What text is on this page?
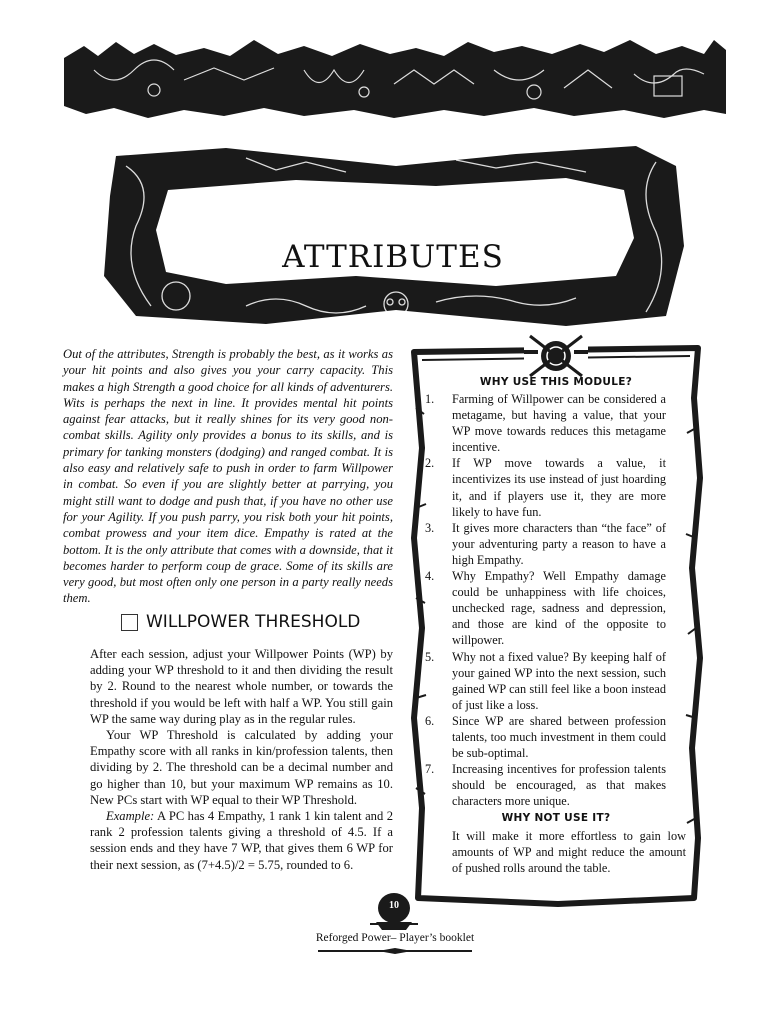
ATTRIBUTES

Out of the attributes, Strength is probably the best, as it works as your hit points and also gives you your carry capacity. This makes a high Strength a good choice for all kinds of adventurers. Wits is perhaps the next in line. It provides mental hit points against fear attacks, but it really shines for its very good non-combat skills. Agility only provides a bonus to its skills, and is primary for tanking monsters (dodging) and ranged combat. It is also easy and relatively safe to push in order to farm Willpower in combat. So even if you are slightly better at parrying, you might still want to dodge and push that, if you have no other use for your Agility. If you push parry, you risk both your hit points, combat prowess and your item dice. Empathy is rated at the bottom. It is the only attribute that comes with a downside, that it becomes harder to perform coup de grace. Some of its skills are very good, but most often only one person in a party really needs them.

WILLPOWER THRESHOLD

After each session, adjust your Willpower Points (WP) by adding your WP threshold to it and then dividing the result by 2. Round to the nearest whole number, or towards the threshold if you would be left with half a WP. You still gain WP the same way during play as in the regular rules.

Your WP Threshold is calculated by adding your Empathy score with all ranks in kin/profession talents, then dividing by 2. The threshold can be a decimal number and go higher than 10, but your maximum WP remains as 10. New PCs start with WP equal to their WP Threshold.

Example: A PC has 4 Empathy, 1 rank 1 kin talent and 2 rank 2 profession talents giving a threshold of 4.5. If a session ends and they have 7 WP, that gives them 6 WP for their next session, as (7+4.5)/2 = 5.75, rounded to 6.

WHY USE THIS MODULE?
1.	Farming of Willpower can be considered a metagame, but having a value, that your WP move towards reduces this metagame incentive.
2.	If WP move towards a value, it incentivizes its use instead of just hoarding it, and if players use it, they are more likely to have fun.
3.	It gives more characters than “the face” of your adventuring party a reason to have a high Empathy.
4.	Why Empathy? Well Empathy damage could be unhappiness with life choices, unchecked rage, sadness and depression, and those are kind of the opposite to willpower.
5.	Why not a fixed value? By keeping half of your gained WP into the next session, such gained WP can still feel like a boon instead of just like a loss.
6.	Since WP are shared between profession talents, too much investment in them could be sub-optimal.
7.	Increasing incentives for profession talents should be encouraged, as that makes characters more unique.
WHY NOT USE IT?

It will make it more effortless to gain low amounts of WP and might reduce the amount of pushed rolls around the table.

10
Reforged Power– Player’s booklet
